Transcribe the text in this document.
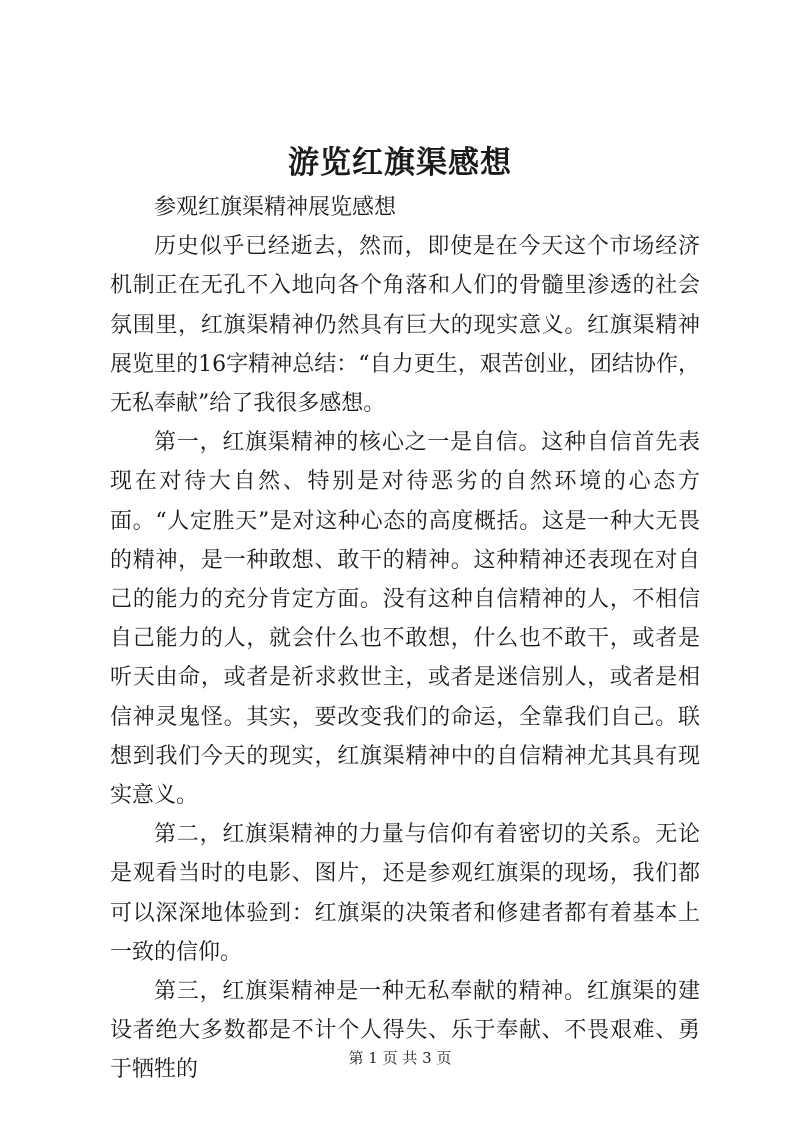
游览红旗渠感想

参观红旗渠精神展览感想

历史似乎已经逝去，然而，即使是在今天这个市场经济机制正在无孔不入地向各个角落和人们的骨髓里渗透的社会氛围里，红旗渠精神仍然具有巨大的现实意义。红旗渠精神展览里的16字精神总结：“自力更生，艰苦创业，团结协作，无私奉献”给了我很多感想。

第一，红旗渠精神的核心之一是自信。这种自信首先表现在对待大自然、特别是对待恶劣的自然环境的心态方面。“人定胜天”是对这种心态的高度概括。这是一种大无畏的精神，是一种敢想、敢干的精神。这种精神还表现在对自己的能力的充分肯定方面。没有这种自信精神的人，不相信自己能力的人，就会什么也不敢想，什么也不敢干，或者是听天由命，或者是祈求救世主，或者是迷信别人，或者是相信神灵鬼怪。其实，要改变我们的命运，全靠我们自己。联想到我们今天的现实，红旗渠精神中的自信精神尤其具有现实意义。

第二，红旗渠精神的力量与信仰有着密切的关系。无论是观看当时的电影、图片，还是参观红旗渠的现场，我们都可以深深地体验到：红旗渠的决策者和修建者都有着基本上一致的信仰。

第三，红旗渠精神是一种无私奉献的精神。红旗渠的建设者绝大多数都是不计个人得失、乐于奉献、不畏艰难、勇于牺牲的	第 1 页 共 3 页
